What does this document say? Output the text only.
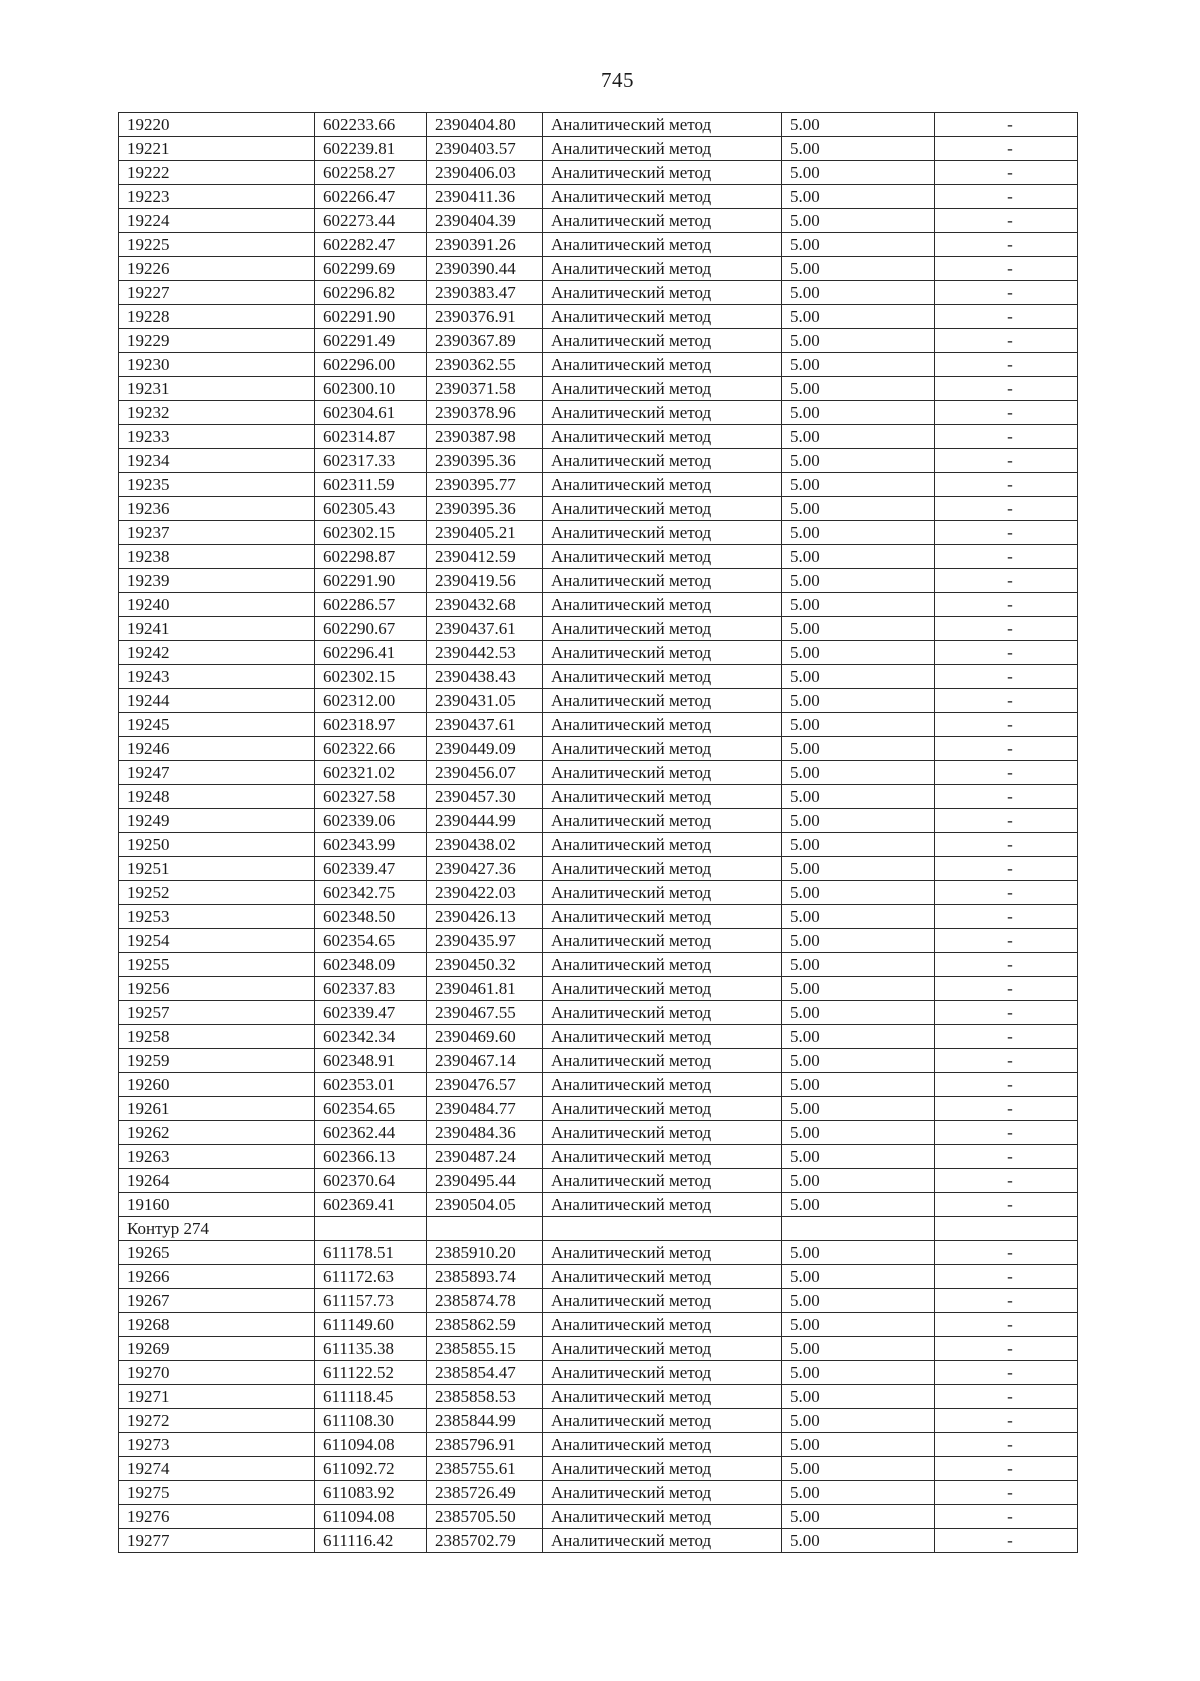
745
19220	602233.66	2390404.80	Аналитический метод	5.00	-
19221	602239.81	2390403.57	Аналитический метод	5.00	-
19222	602258.27	2390406.03	Аналитический метод	5.00	-
19223	602266.47	2390411.36	Аналитический метод	5.00	-
19224	602273.44	2390404.39	Аналитический метод	5.00	-
19225	602282.47	2390391.26	Аналитический метод	5.00	-
19226	602299.69	2390390.44	Аналитический метод	5.00	-
19227	602296.82	2390383.47	Аналитический метод	5.00	-
19228	602291.90	2390376.91	Аналитический метод	5.00	-
19229	602291.49	2390367.89	Аналитический метод	5.00	-
19230	602296.00	2390362.55	Аналитический метод	5.00	-
19231	602300.10	2390371.58	Аналитический метод	5.00	-
19232	602304.61	2390378.96	Аналитический метод	5.00	-
19233	602314.87	2390387.98	Аналитический метод	5.00	-
19234	602317.33	2390395.36	Аналитический метод	5.00	-
19235	602311.59	2390395.77	Аналитический метод	5.00	-
19236	602305.43	2390395.36	Аналитический метод	5.00	-
19237	602302.15	2390405.21	Аналитический метод	5.00	-
19238	602298.87	2390412.59	Аналитический метод	5.00	-
19239	602291.90	2390419.56	Аналитический метод	5.00	-
19240	602286.57	2390432.68	Аналитический метод	5.00	-
19241	602290.67	2390437.61	Аналитический метод	5.00	-
19242	602296.41	2390442.53	Аналитический метод	5.00	-
19243	602302.15	2390438.43	Аналитический метод	5.00	-
19244	602312.00	2390431.05	Аналитический метод	5.00	-
19245	602318.97	2390437.61	Аналитический метод	5.00	-
19246	602322.66	2390449.09	Аналитический метод	5.00	-
19247	602321.02	2390456.07	Аналитический метод	5.00	-
19248	602327.58	2390457.30	Аналитический метод	5.00	-
19249	602339.06	2390444.99	Аналитический метод	5.00	-
19250	602343.99	2390438.02	Аналитический метод	5.00	-
19251	602339.47	2390427.36	Аналитический метод	5.00	-
19252	602342.75	2390422.03	Аналитический метод	5.00	-
19253	602348.50	2390426.13	Аналитический метод	5.00	-
19254	602354.65	2390435.97	Аналитический метод	5.00	-
19255	602348.09	2390450.32	Аналитический метод	5.00	-
19256	602337.83	2390461.81	Аналитический метод	5.00	-
19257	602339.47	2390467.55	Аналитический метод	5.00	-
19258	602342.34	2390469.60	Аналитический метод	5.00	-
19259	602348.91	2390467.14	Аналитический метод	5.00	-
19260	602353.01	2390476.57	Аналитический метод	5.00	-
19261	602354.65	2390484.77	Аналитический метод	5.00	-
19262	602362.44	2390484.36	Аналитический метод	5.00	-
19263	602366.13	2390487.24	Аналитический метод	5.00	-
19264	602370.64	2390495.44	Аналитический метод	5.00	-
19160	602369.41	2390504.05	Аналитический метод	5.00	-
Контур 274					
19265	611178.51	2385910.20	Аналитический метод	5.00	-
19266	611172.63	2385893.74	Аналитический метод	5.00	-
19267	611157.73	2385874.78	Аналитический метод	5.00	-
19268	611149.60	2385862.59	Аналитический метод	5.00	-
19269	611135.38	2385855.15	Аналитический метод	5.00	-
19270	611122.52	2385854.47	Аналитический метод	5.00	-
19271	611118.45	2385858.53	Аналитический метод	5.00	-
19272	611108.30	2385844.99	Аналитический метод	5.00	-
19273	611094.08	2385796.91	Аналитический метод	5.00	-
19274	611092.72	2385755.61	Аналитический метод	5.00	-
19275	611083.92	2385726.49	Аналитический метод	5.00	-
19276	611094.08	2385705.50	Аналитический метод	5.00	-
19277	611116.42	2385702.79	Аналитический метод	5.00	-
